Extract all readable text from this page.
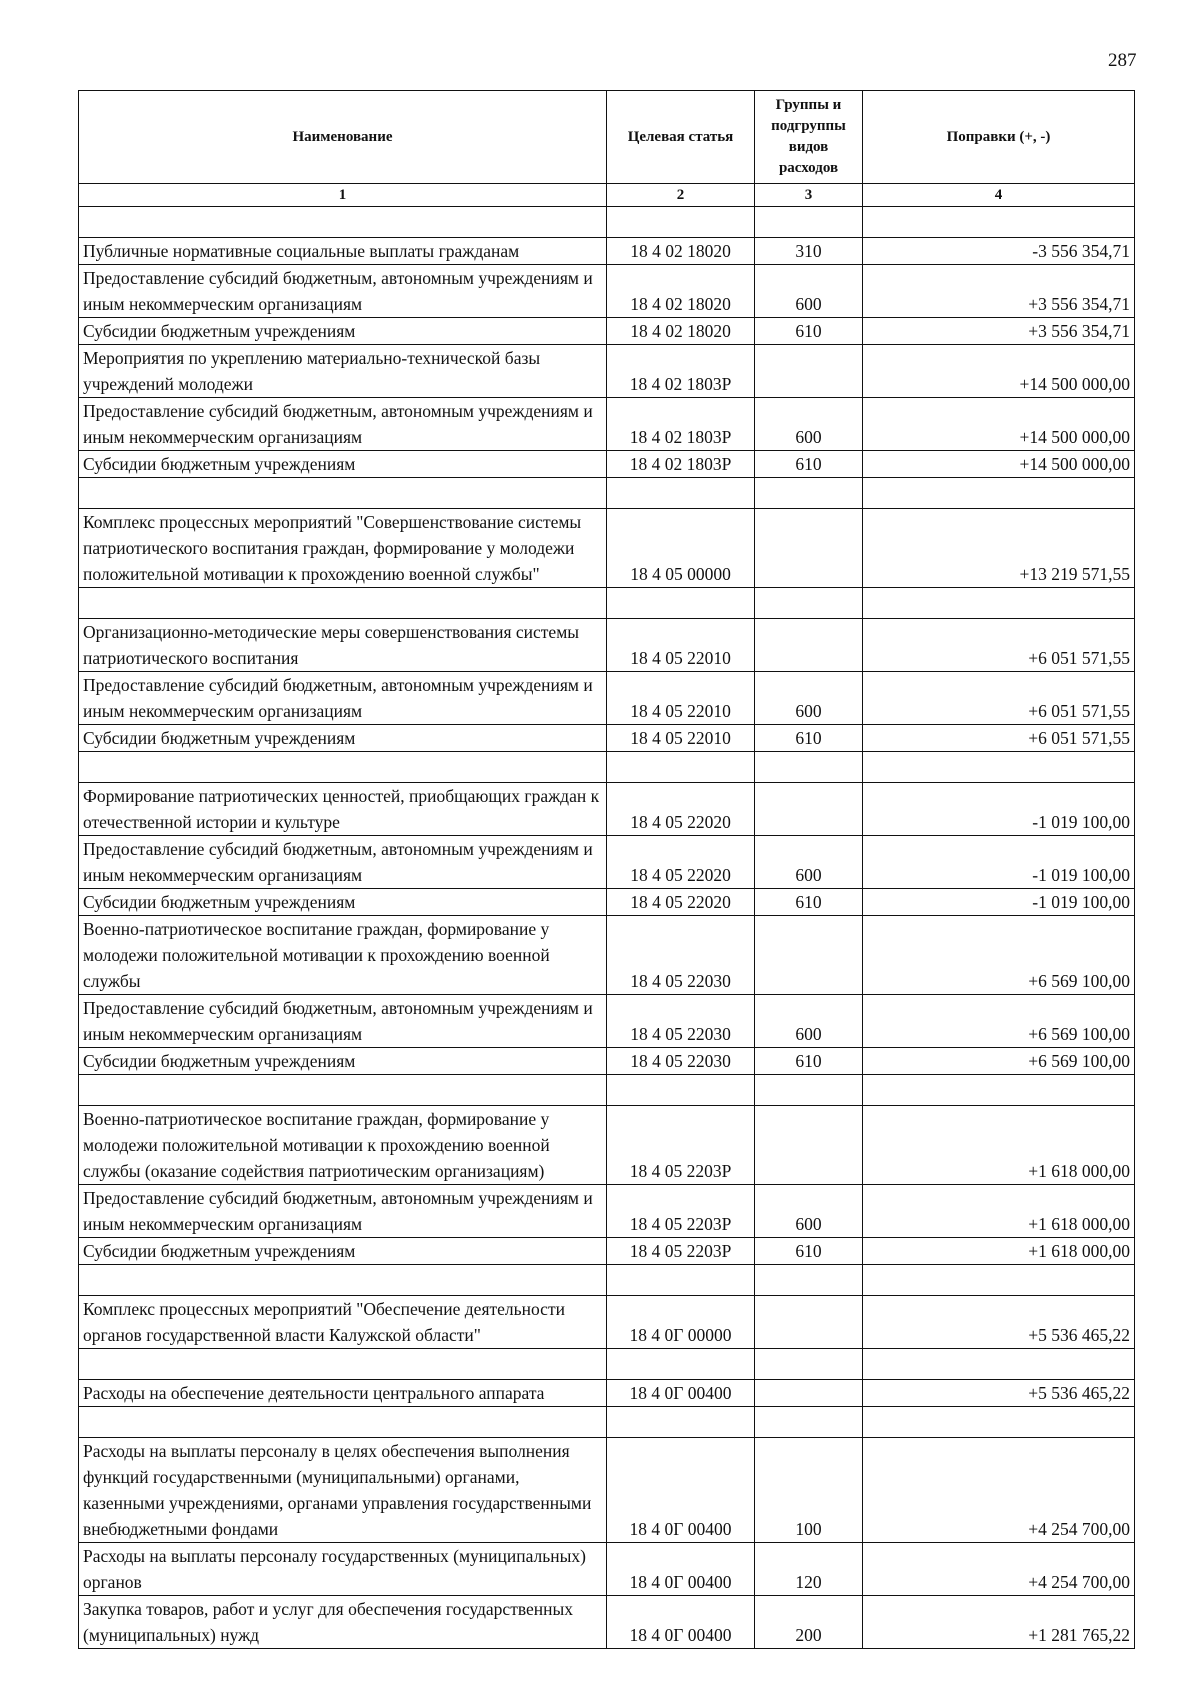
287
Наименование	Целевая статья	Группы и подгруппы видов расходов	Поправки (+, -)
1	2	3	4

Публичные нормативные социальные выплаты гражданам	18 4 02 18020	310	-3 556 354,71
Предоставление субсидий бюджетным, автономным учреждениям и иным некоммерческим организациям	18 4 02 18020	600	+3 556 354,71
Субсидии бюджетным учреждениям	18 4 02 18020	610	+3 556 354,71
Мероприятия по укреплению материально-технической базы учреждений молодежи	18 4 02 1803Р		+14 500 000,00
Предоставление субсидий бюджетным, автономным учреждениям и иным некоммерческим организациям	18 4 02 1803Р	600	+14 500 000,00
Субсидии бюджетным учреждениям	18 4 02 1803Р	610	+14 500 000,00

Комплекс процессных мероприятий "Совершенствование системы патриотического воспитания граждан, формирование у молодежи положительной мотивации к прохождению военной службы"	18 4 05 00000		+13 219 571,55

Организационно-методические меры совершенствования системы патриотического воспитания	18 4 05 22010		+6 051 571,55
Предоставление субсидий бюджетным, автономным учреждениям и иным некоммерческим организациям	18 4 05 22010	600	+6 051 571,55
Субсидии бюджетным учреждениям	18 4 05 22010	610	+6 051 571,55

Формирование патриотических ценностей, приобщающих граждан к отечественной истории и культуре	18 4 05 22020		-1 019 100,00
Предоставление субсидий бюджетным, автономным учреждениям и иным некоммерческим организациям	18 4 05 22020	600	-1 019 100,00
Субсидии бюджетным учреждениям	18 4 05 22020	610	-1 019 100,00
Военно-патриотическое воспитание граждан, формирование у молодежи положительной мотивации к прохождению военной службы	18 4 05 22030		+6 569 100,00
Предоставление субсидий бюджетным, автономным учреждениям и иным некоммерческим организациям	18 4 05 22030	600	+6 569 100,00
Субсидии бюджетным учреждениям	18 4 05 22030	610	+6 569 100,00

Военно-патриотическое воспитание граждан, формирование у молодежи положительной мотивации к прохождению военной службы (оказание содействия патриотическим организациям)	18 4 05 2203Р		+1 618 000,00
Предоставление субсидий бюджетным, автономным учреждениям и иным некоммерческим организациям	18 4 05 2203Р	600	+1 618 000,00
Субсидии бюджетным учреждениям	18 4 05 2203Р	610	+1 618 000,00

Комплекс процессных мероприятий "Обеспечение деятельности органов государственной власти Калужской области"	18 4 0Г 00000		+5 536 465,22

Расходы на обеспечение деятельности центрального аппарата	18 4 0Г 00400		+5 536 465,22

Расходы на выплаты персоналу в целях обеспечения выполнения функций государственными (муниципальными) органами, казенными учреждениями, органами управления государственными внебюджетными фондами	18 4 0Г 00400	100	+4 254 700,00
Расходы на выплаты персоналу государственных (муниципальных) органов	18 4 0Г 00400	120	+4 254 700,00
Закупка товаров, работ и услуг для обеспечения государственных (муниципальных) нужд	18 4 0Г 00400	200	+1 281 765,22
